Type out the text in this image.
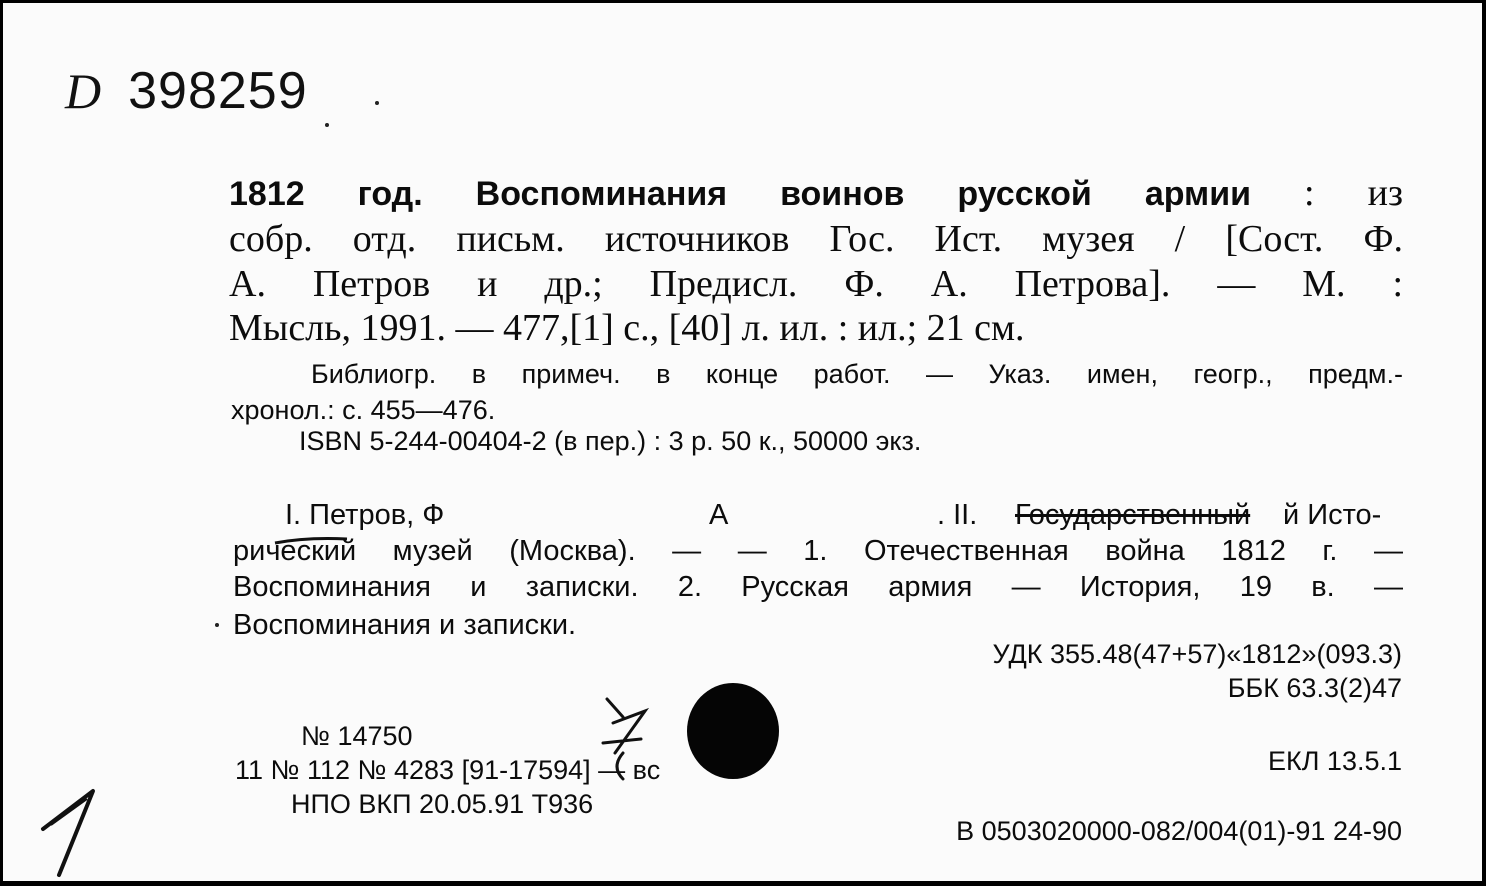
D 398259
1812 год. Воспоминания воинов русской армии : из
собр. отд. письм. источников Гос. Ист. музея / [Сост. Ф.
А. Петров и др.; Предисл. Ф. А. Петрова]. — М. :
Мысль, 1991. — 477,[1] с., [40] л. ил. : ил.; 21 см.
Библиогр. в примеч. в конце работ. — Указ. имен, геогр., предм.-
хронол.: с. 455—476.
ISBN 5-244-00404-2 (в пер.) : 3 р. 50 к., 50000 экз.
I. Петров, Ф	А	. II. Государственный й Исто-
рический музей (Москва). — — 1. Отечественная война 1812 г. —
Воспоминания и записки. 2. Русская армия — История, 19 в. —
Воспоминания и записки.
УДК 355.48(47+57)«1812»(093.3)
ББК 63.3(2)47
ЕКЛ 13.5.1
В 0503020000-082/004(01)-91 24-90
№ 14750
11 № 112 № 4283 [91-17594] — вс
НПО ВКП 20.05.91 Т936
